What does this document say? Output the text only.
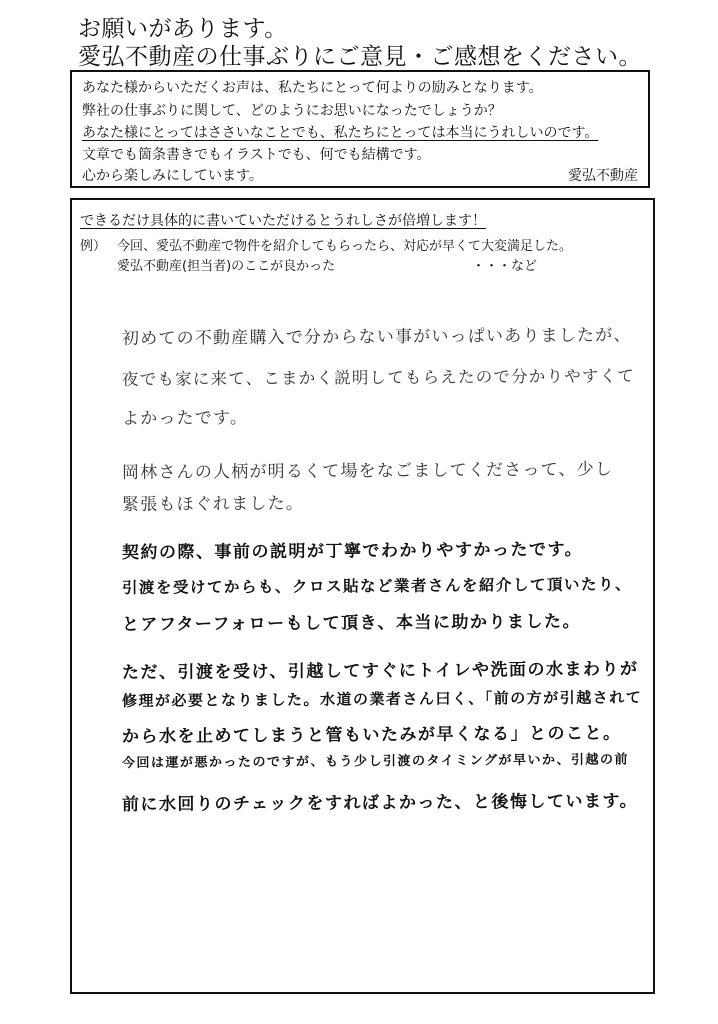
お願いがあります。
愛弘不動産の仕事ぶりにご意見・ご感想をください。
あなた様からいただくお声は、私たちにとって何よりの励みとなります。
弊社の仕事ぶりに関して、どのようにお思いになったでしょうか？
あなた様にとってはささいなことでも、私たちにとっては本当にうれしいのです。
文章でも箇条書きでもイラストでも、何でも結構です。
心から楽しみにしています。	愛弘不動産
できるだけ具体的に書いていただけるとうれしさが倍増します！
例） 今回、愛弘不動産で物件を紹介してもらったら、対応が早くて大変満足した。
愛弘不動産(担当者)のここが良かった	・・・など
初めての不動産購入で分からない事がいっぱいありましたが、
夜でも家に来て、こまかく説明してもらえたので分かりやすくて
よかったです。
岡林さんの人柄が明るくて場をなごましてくださって、少し
緊張もほぐれました。
契約の際、事前の説明が丁寧でわかりやすかったです。
引渡を受けてからも、クロス貼など業者さんを紹介して頂いたり、
とアフターフォローもして頂き、本当に助かりました。
ただ、引渡を受け、引越してすぐにトイレや洗面の水まわりが
修理が必要となりました。水道の業者さん曰く、「前の方が引越されて
から水を止めてしまうと管もいたみが早くなる」とのこと。
今回は運が悪かったのですが、もう少し引渡のタイミングが早いか、引越の前
前に水回りのチェックをすればよかった、と後悔しています。
